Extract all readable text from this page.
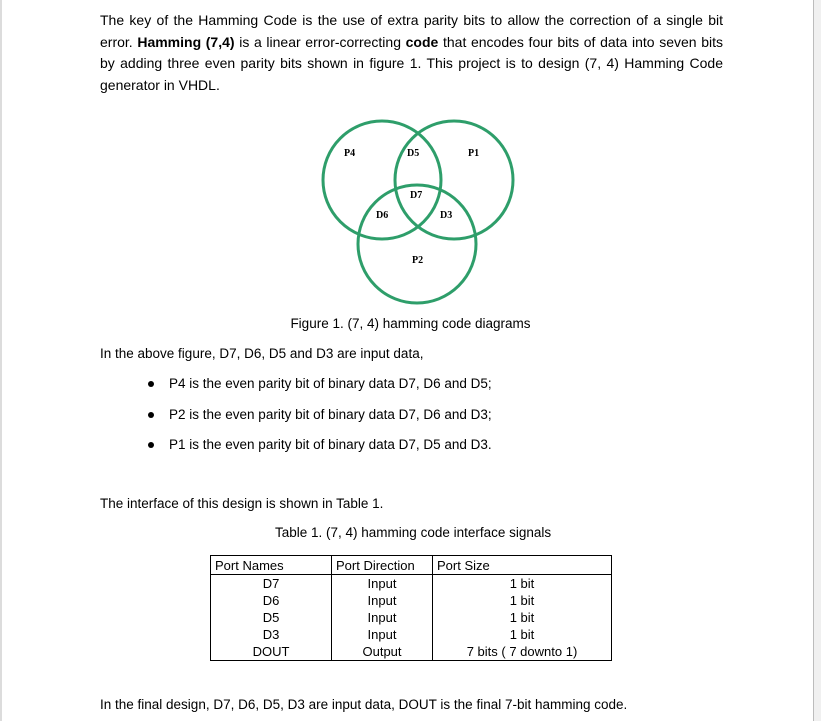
The key of the Hamming Code is the use of extra parity bits to allow the correction of a single bit error. Hamming (7,4) is a linear error-correcting code that encodes four bits of data into seven bits by adding three even parity bits shown in figure 1. This project is to design (7, 4) Hamming Code generator in VHDL.

P4	D5	P1
D7
D6	D3
P2
Figure 1. (7, 4) hamming code diagrams
In the above figure, D7, D6, D5 and D3 are input data,
P4 is the even parity bit of binary data D7, D6 and D5;
P2 is the even parity bit of binary data D7, D6 and D3;
P1 is the even parity bit of binary data D7, D5 and D3.
The interface of this design is shown in Table 1.
Table 1. (7, 4) hamming code interface signals
Port Names	Port Direction	Port Size
D7	Input	1 bit
D6	Input	1 bit
D5	Input	1 bit
D3	Input	1 bit
DOUT	Output	7 bits ( 7 downto 1)
In the final design, D7, D6, D5, D3 are input data, DOUT is the final 7-bit hamming code.
